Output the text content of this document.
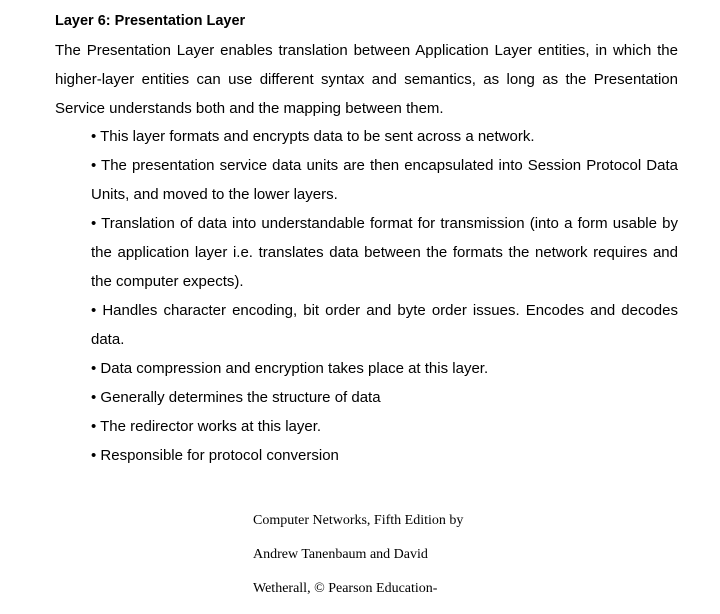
Layer 6: Presentation Layer

The Presentation Layer enables translation between Application Layer entities, in which the higher-layer entities can use different syntax and semantics, as long as the Presentation Service understands both and the mapping between them.

• This layer formats and encrypts data to be sent across a network.
• The presentation service data units are then encapsulated into Session Protocol Data Units, and moved to the lower layers.
• Translation of data into understandable format for transmission (into a form usable by the application layer i.e. translates data between the formats the network requires and the computer expects).
• Handles character encoding, bit order and byte order issues. Encodes and decodes data.
• Data compression and encryption takes place at this layer.
• Generally determines the structure of data
• The redirector works at this layer.
• Responsible for protocol conversion

Computer Networks, Fifth Edition by

Andrew Tanenbaum and David

Wetherall, © Pearson Education-
